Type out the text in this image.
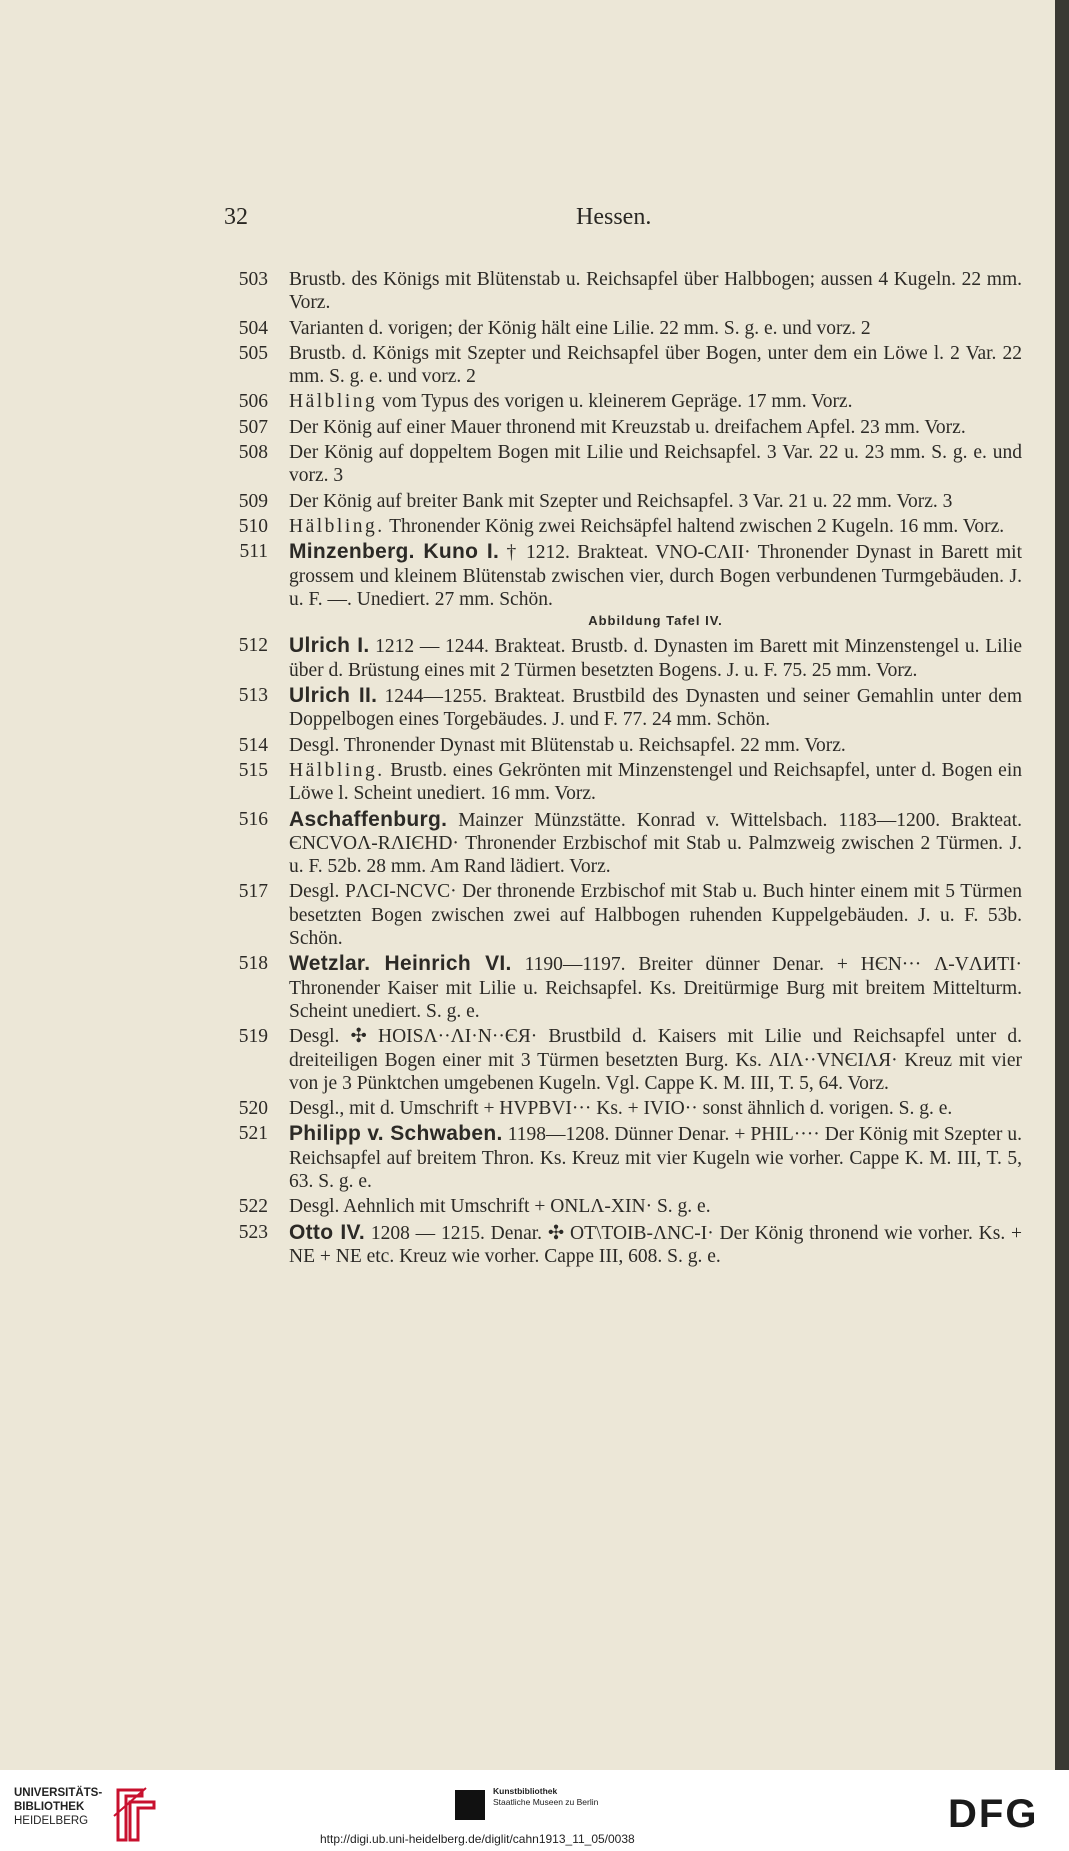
32	Hessen.
503 Brustb. des Königs mit Blütenstab u. Reichsapfel über Halbbogen; aussen 4 Kugeln. 22 mm. Vorz.
504 Varianten d. vorigen; der König hält eine Lilie. 22 mm. S. g. e. und vorz. 2
505 Brustb. d. Königs mit Szepter und Reichsapfel über Bogen, unter dem ein Löwe l. 2 Var. 22 mm. S. g. e. und vorz. 2
506 Hälbling vom Typus des vorigen u. kleinerem Gepräge. 17 mm. Vorz.
507 Der König auf einer Mauer thronend mit Kreuzstab u. dreifachem Apfel. 23 mm. Vorz.
508 Der König auf doppeltem Bogen mit Lilie und Reichsapfel. 3 Var. 22 u. 23 mm. S. g. e. und vorz. 3
509 Der König auf breiter Bank mit Szepter und Reichsapfel. 3 Var. 21 u. 22 mm. Vorz. 3
510 Hälbling. Thronender König zwei Reichsäpfel haltend zwischen 2 Kugeln. 16 mm. Vorz.
511 Minzenberg. Kuno I. † 1212. Brakteat. VNO-CΛII· Thronender Dynast in Barett mit grossem und kleinem Blütenstab zwischen vier, durch Bogen verbundenen Turmgebäuden. J. u. F. —. Unediert. 27 mm. Schön.
Abbildung Tafel IV.
512 Ulrich I. 1212 — 1244. Brakteat. Brustb. d. Dynasten im Barett mit Minzenstengel u. Lilie über d. Brüstung eines mit 2 Türmen besetzten Bogens. J. u. F. 75. 25 mm. Vorz.
513 Ulrich II. 1244—1255. Brakteat. Brustbild des Dynasten und seiner Gemahlin unter dem Doppelbogen eines Torgebäudes. J. und F. 77. 24 mm. Schön.
514 Desgl. Thronender Dynast mit Blütenstab u. Reichsapfel. 22 mm. Vorz.
515 Hälbling. Brustb. eines Gekrönten mit Minzenstengel und Reichsapfel, unter d. Bogen ein Löwe l. Scheint unediert. 16 mm. Vorz.
516 Aschaffenburg. Mainzer Münzstätte. Konrad v. Wittelsbach. 1183—1200. Brakteat. ЄNCVOΛ-RΛIЄHD· Thronender Erzbischof mit Stab u. Palmzweig zwischen 2 Türmen. J. u. F. 52b. 28 mm. Am Rand lädiert. Vorz.
517 Desgl. PΛCI-NCVC· Der thronende Erzbischof mit Stab u. Buch hinter einem mit 5 Türmen besetzten Bogen zwischen zwei auf Halbbogen ruhenden Kuppelgebäuden. J. u. F. 53b. Schön.
518 Wetzlar. Heinrich VI. 1190—1197. Breiter dünner Denar. + HЄN··· Λ-VΛИTI· Thronender Kaiser mit Lilie u. Reichsapfel. Ks. Dreitürmige Burg mit breitem Mittelturm. Scheint unediert. S. g. e.
519 Desgl. ✣ HOISΛ··ΛI·N··ЄЯ· Brustbild d. Kaisers mit Lilie und Reichsapfel unter d. dreiteiligen Bogen einer mit 3 Türmen besetzten Burg. Ks. ΛIΛ··VNЄIΛЯ· Kreuz mit vier von je 3 Pünktchen umgebenen Kugeln. Vgl. Cappe K. M. III, T. 5, 64. Vorz.
520 Desgl., mit d. Umschrift + HVPBVI··· Ks. + IVIO·· sonst ähnlich d. vorigen. S. g. e.
521 Philipp v. Schwaben. 1198—1208. Dünner Denar. + PHIL···· Der König mit Szepter u. Reichsapfel auf breitem Thron. Ks. Kreuz mit vier Kugeln wie vorher. Cappe K. M. III, T. 5, 63. S. g. e.
522 Desgl. Aehnlich mit Umschrift + ONLΛ-XIN· S. g. e.
523 Otto IV. 1208 — 1215. Denar. ✣ OT\TOIB-ΛNC-I· Der König thronend wie vorher. Ks. + NE + NE etc. Kreuz wie vorher. Cappe III, 608. S. g. e.
UNIVERSITÄTS-
BIBLIOTHEK
HEIDELBERG
Kunstbibliothek
Staatliche Museen zu Berlin	DFG
http://digi.ub.uni-heidelberg.de/diglit/cahn1913_11_05/0038
